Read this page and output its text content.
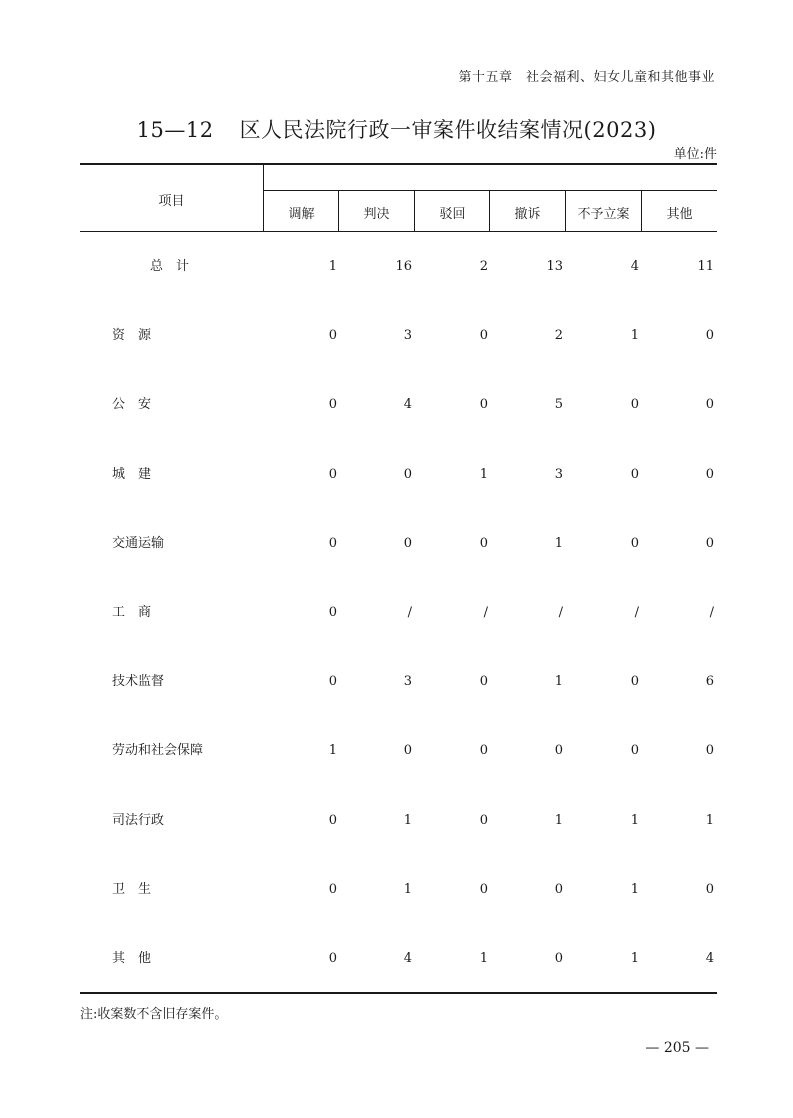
第十五章　社会福利、妇女儿童和其他事业
15—12 区人民法院行政一审案件收结案情况(2023)
单位:件
项目
调解	判决	驳回	撤诉	不予立案	其他
总　计	1	16	2	13	4	11
资　源	0	3	0	2	1	0
公　安	0	4	0	5	0	0
城　建	0	0	1	3	0	0
交通运输	0	0	0	1	0	0
工　商	0	/	/	/	/	/
技术监督	0	3	0	1	0	6
劳动和社会保障	1	0	0	0	0	0
司法行政	0	1	0	1	1	1
卫　生	0	1	0	0	1	0
其　他	0	4	1	0	1	4
注:收案数不含旧存案件。
— 205 —
